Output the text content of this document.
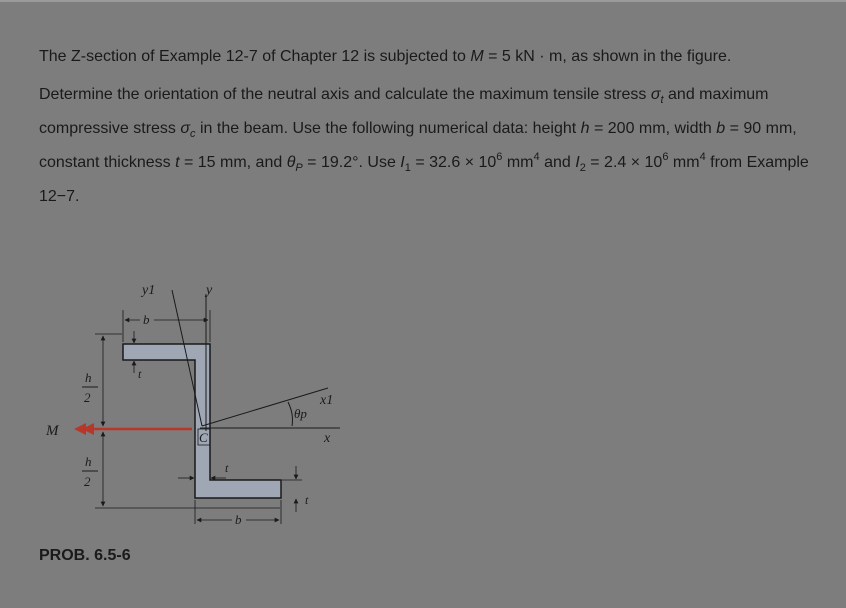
The Z-section of Example 12-7 of Chapter 12 is subjected to M = 5 kN · m, as shown in the figure.

Determine the orientation of the neutral axis and calculate the maximum tensile stress $\sigma_t$ and maximum compressive stress $\sigma_c$ in the beam. Use the following numerical data: height h = 200 mm, width b = 90 mm, constant thickness t = 15 mm, and $\theta_P = 19.2^\circ$. Use $I_1 = 32.6 \times 10^6$ $mm^4$ and $I_2 = 2.4 \times 10^6$ $mm^4$ from Example 12−7.

y
x
y1
x1
θp
C
b
t
h
2
h
2
M
t
t
b
PROB. 6.5-6
